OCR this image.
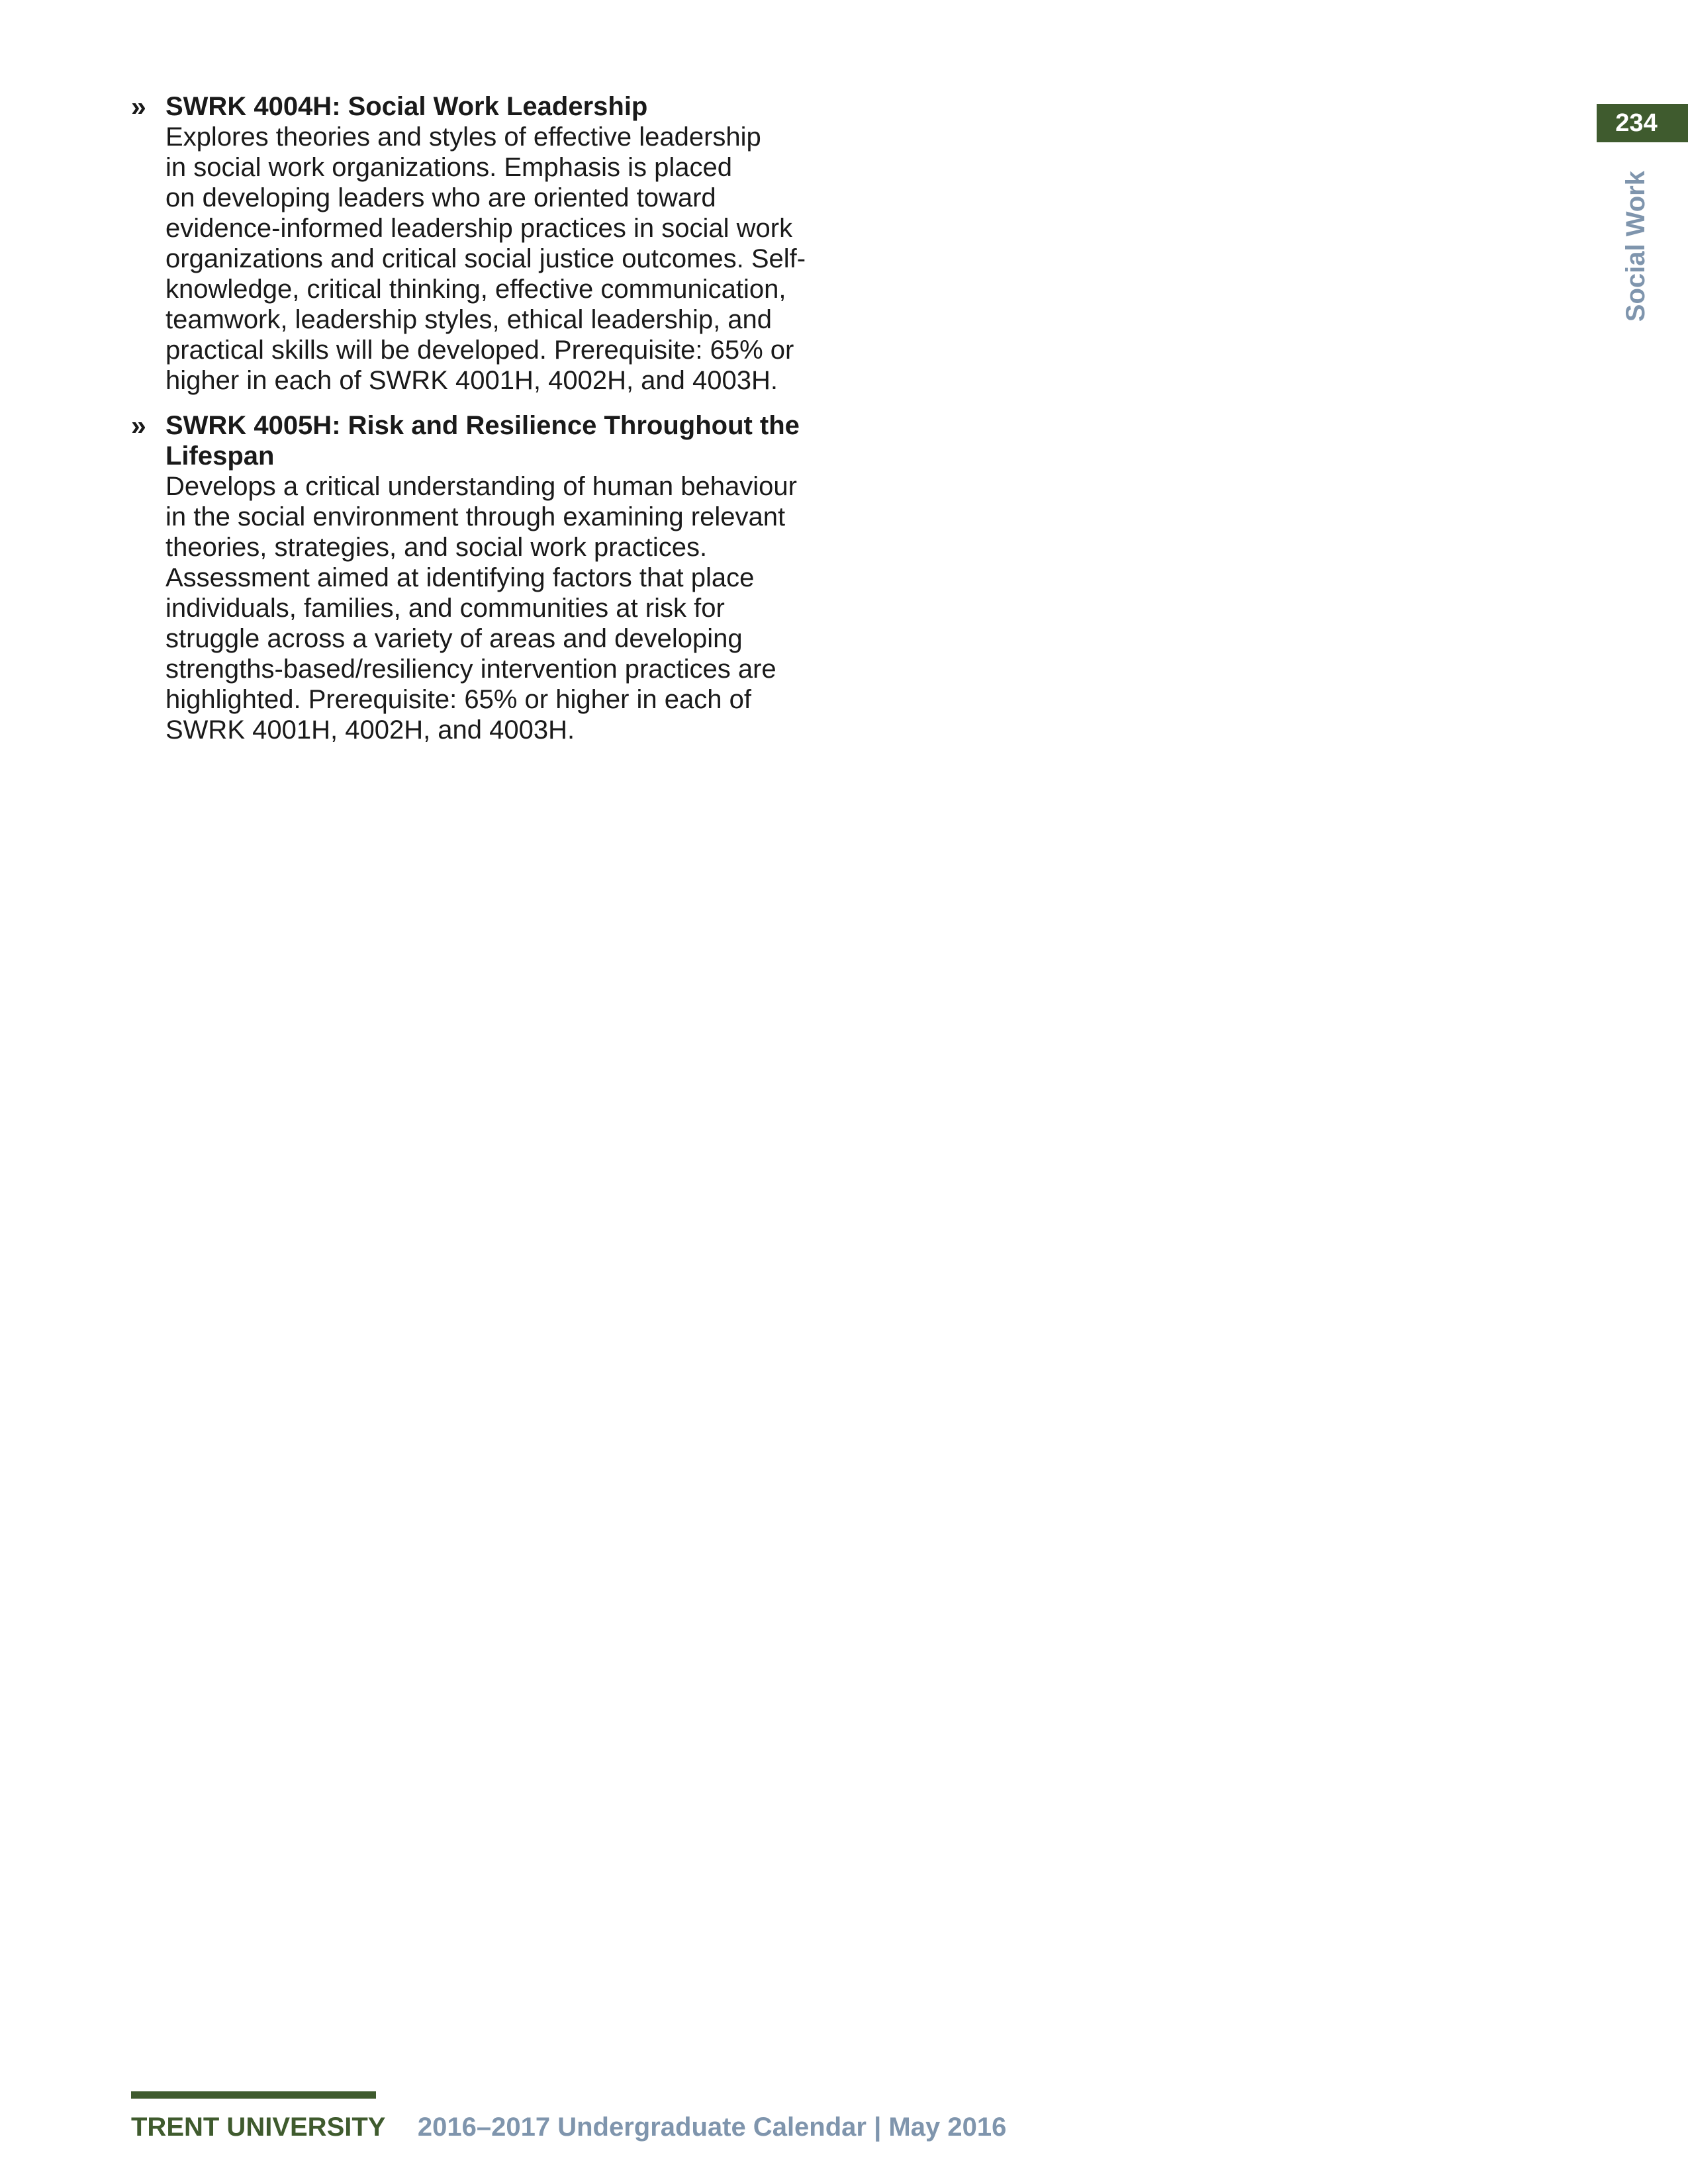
» SWRK 4004H: Social Work Leadership

Explores theories and styles of effective leadership
in social work organizations. Emphasis is placed
on developing leaders who are oriented toward
evidence-informed leadership practices in social work
organizations and critical social justice outcomes. Self-
knowledge, critical thinking, effective communication,
teamwork, leadership styles, ethical leadership, and
practical skills will be developed. Prerequisite: 65% or
higher in each of SWRK 4001H, 4002H, and 4003H.

» SWRK 4005H: Risk and Resilience Throughout the Lifespan

Develops a critical understanding of human behaviour
in the social environment through examining relevant
theories, strategies, and social work practices.
Assessment aimed at identifying factors that place
individuals, families, and communities at risk for
struggle across a variety of areas and developing
strengths-based/resiliency intervention practices are
highlighted. Prerequisite: 65% or higher in each of
SWRK 4001H, 4002H, and 4003H.

234
Social Work
TRENT UNIVERSITY 2016–2017 Undergraduate Calendar | May 2016
